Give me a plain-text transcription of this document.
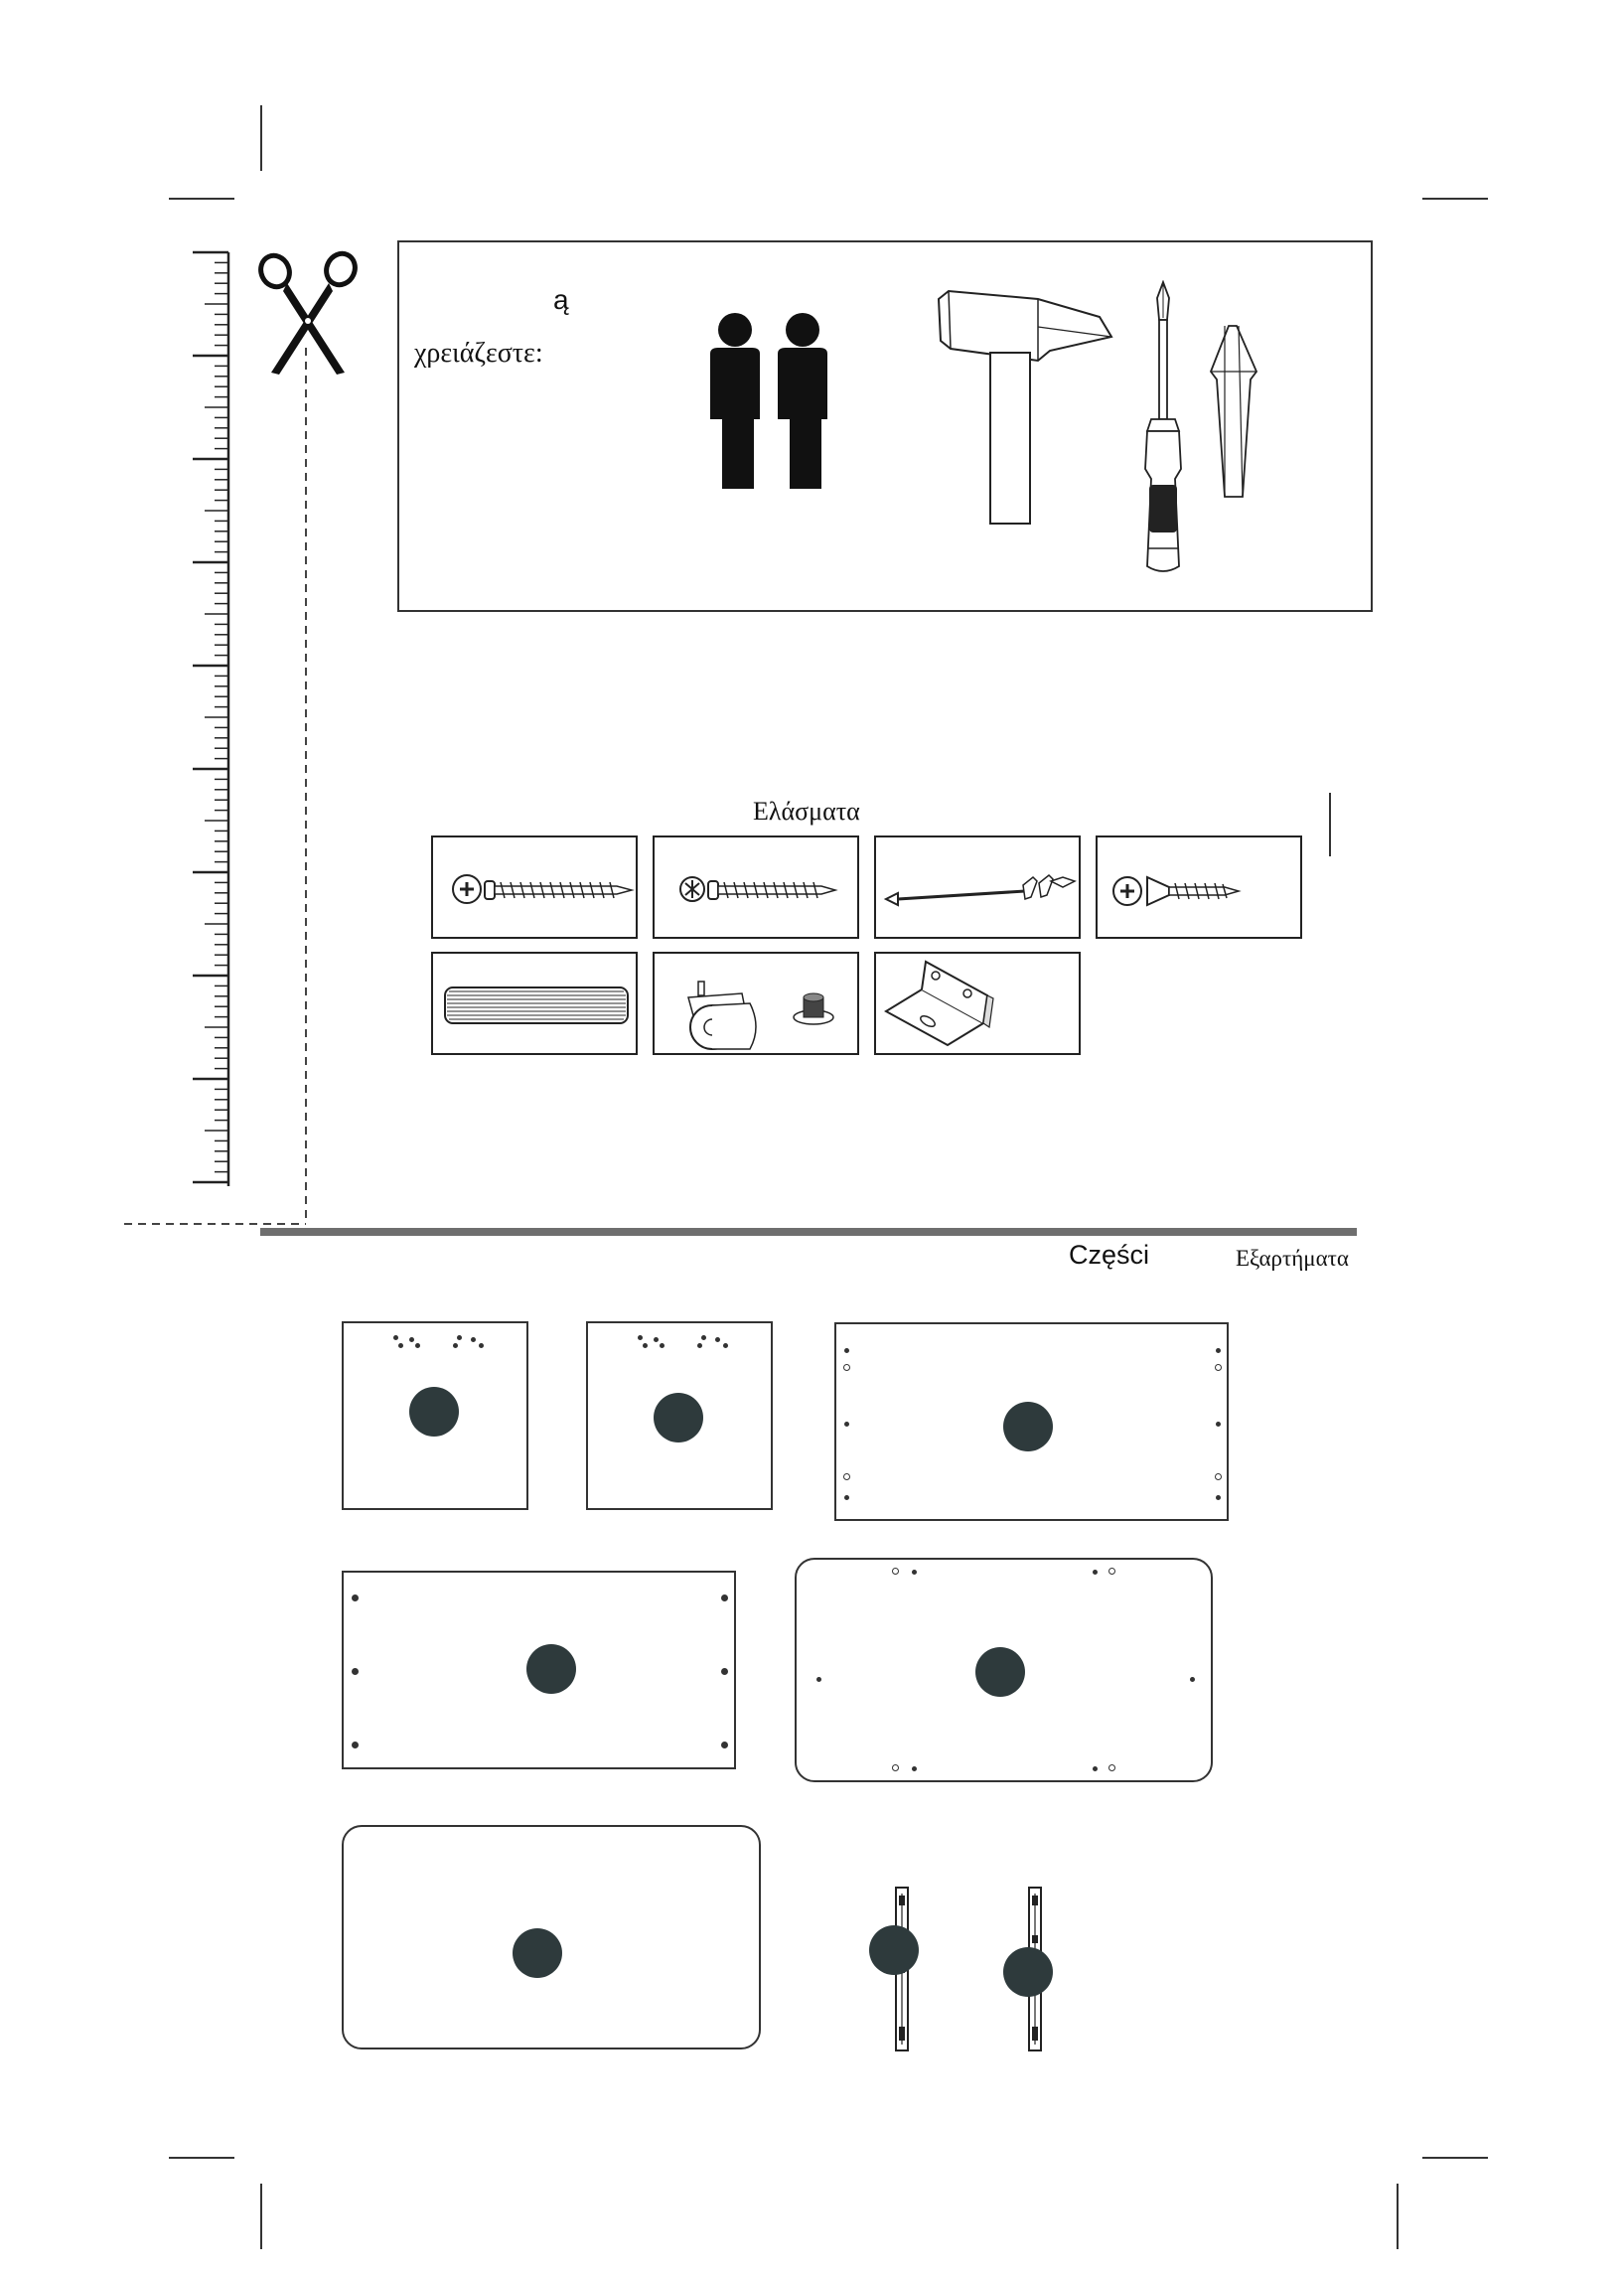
ą
χρειάζεστε:
Ελάσματα
Części	Εξαρτήματα
